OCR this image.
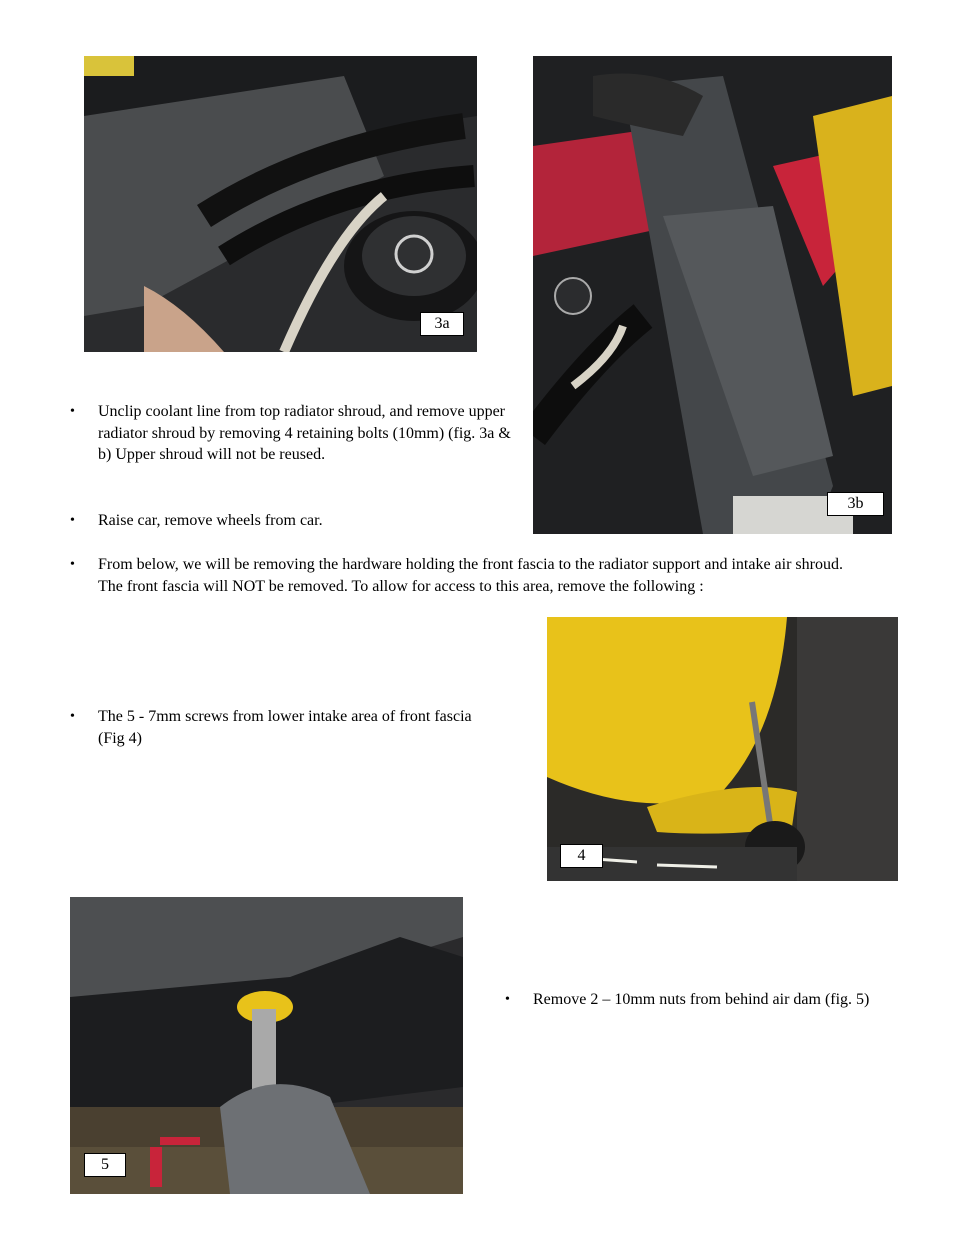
3a
3b
4
5
• Unclip coolant line from top radiator shroud, and remove upper radiator shroud by removing 4 retaining bolts (10mm) (fig. 3a & b) Upper shroud will not be reused.
• Raise car, remove wheels from car.
• From below, we will be removing the hardware holding the front fascia to the radiator support and intake air shroud. The front fascia will NOT be removed. To allow for access to this area, remove the following :
• The 5 - 7mm screws from lower intake area of front fascia (Fig 4)
• Remove 2 – 10mm nuts from behind air dam (fig. 5)
